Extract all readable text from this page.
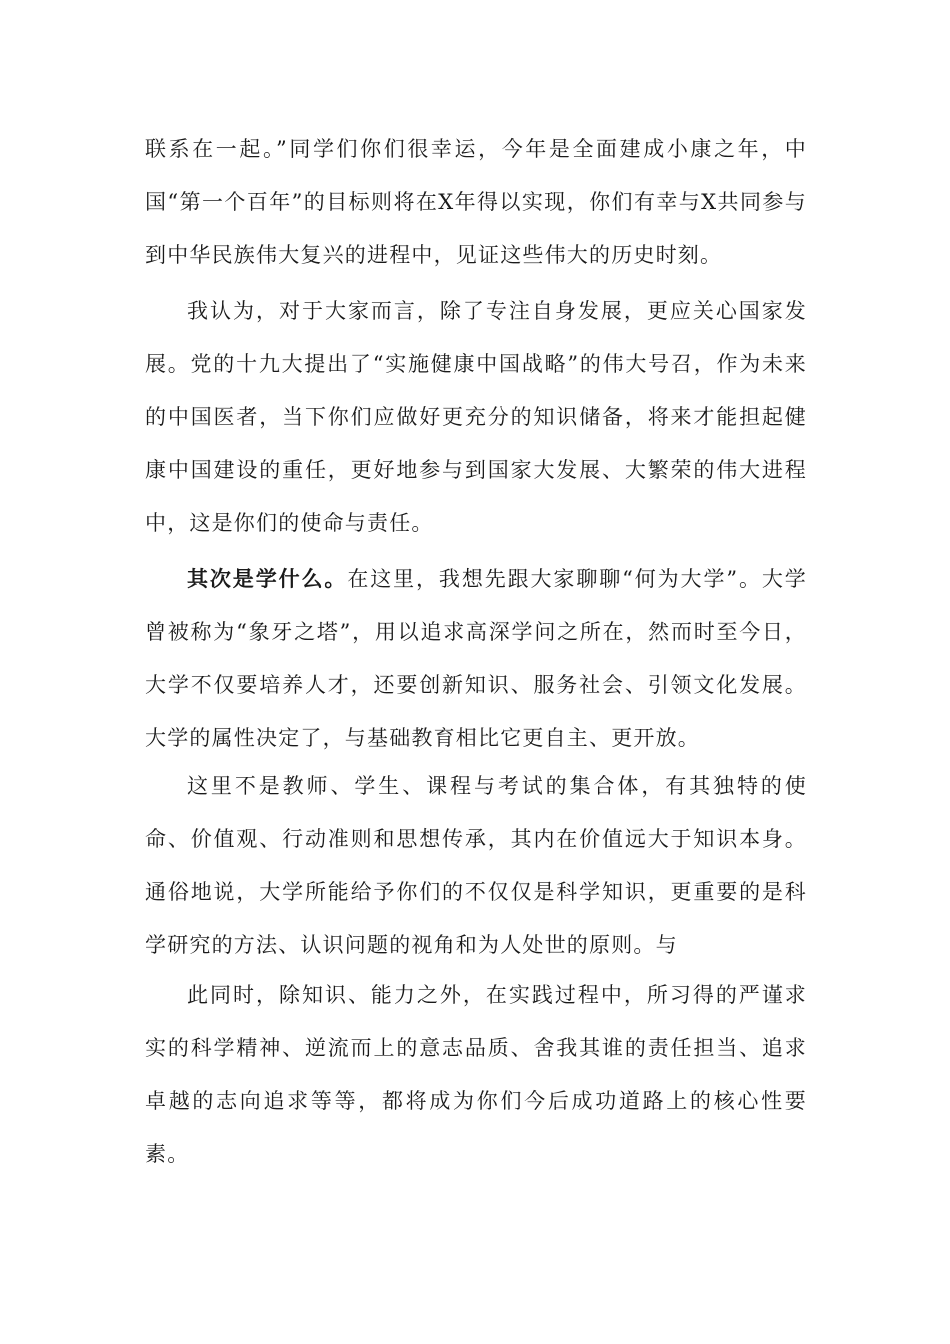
联系在一起。”同学们你们很幸运，今年是全面建成小康之年，中国“第一个百年”的目标则将在X年得以实现，你们有幸与X共同参与到中华民族伟大复兴的进程中，见证这些伟大的历史时刻。

我认为，对于大家而言，除了专注自身发展，更应关心国家发展。党的十九大提出了“实施健康中国战略”的伟大号召，作为未来的中国医者，当下你们应做好更充分的知识储备，将来才能担起健康中国建设的重任，更好地参与到国家大发展、大繁荣的伟大进程中，这是你们的使命与责任。

其次是学什么。在这里，我想先跟大家聊聊“何为大学”。大学曾被称为“象牙之塔”，用以追求高深学问之所在，然而时至今日，大学不仅要培养人才，还要创新知识、服务社会、引领文化发展。大学的属性决定了，与基础教育相比它更自主、更开放。

这里不是教师、学生、课程与考试的集合体，有其独特的使命、价值观、行动准则和思想传承，其内在价值远大于知识本身。通俗地说，大学所能给予你们的不仅仅是科学知识，更重要的是科学研究的方法、认识问题的视角和为人处世的原则。与

此同时，除知识、能力之外，在实践过程中，所习得的严谨求实的科学精神、逆流而上的意志品质、舍我其谁的责任担当、追求卓越的志向追求等等，都将成为你们今后成功道路上的核心性要素。
